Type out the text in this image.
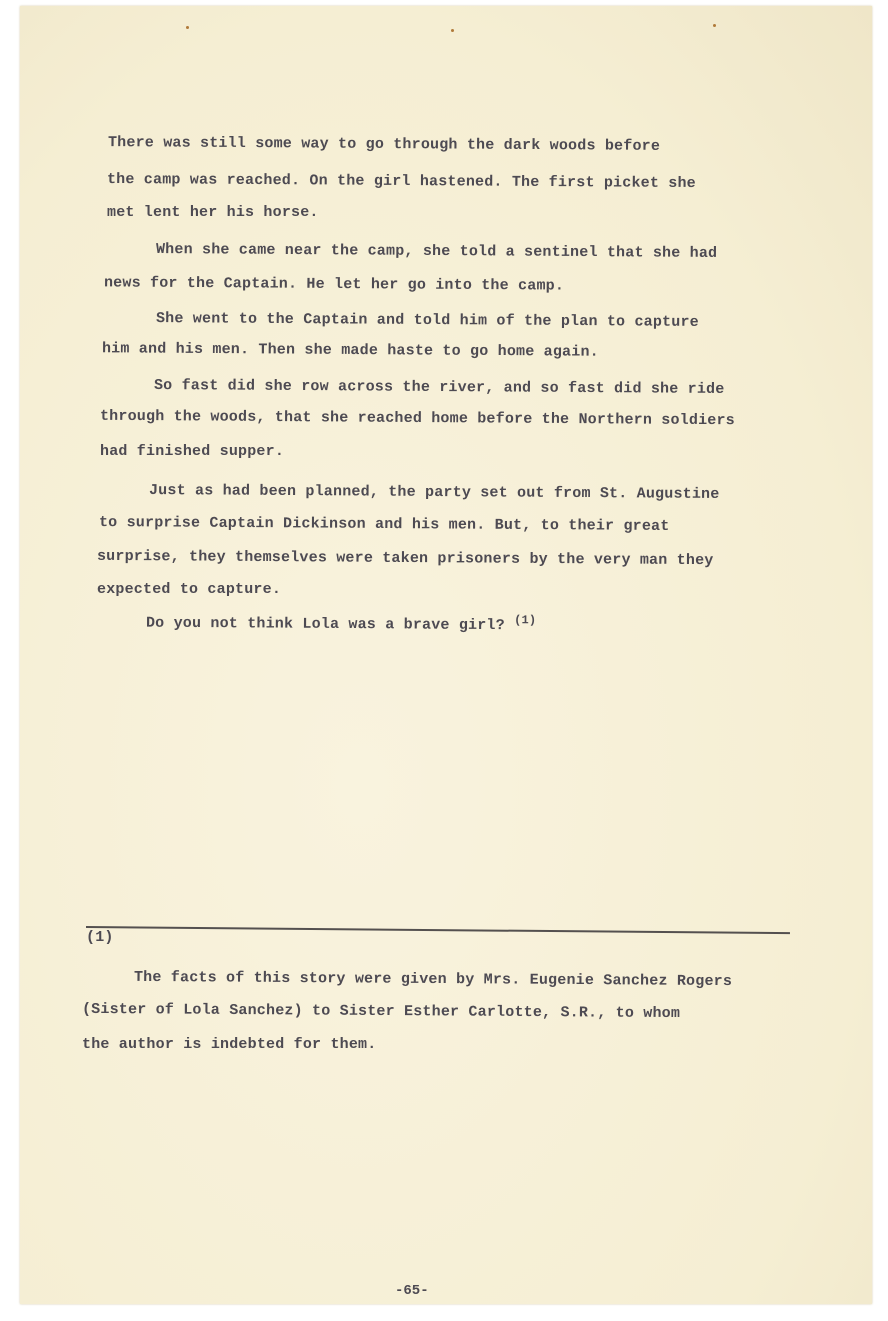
There was still some way to go through the dark woods before
the camp was reached. On the girl hastened. The first picket she
met lent her his horse.
When she came near the camp, she told a sentinel that she had
news for the Captain. He let her go into the camp.
She went to the Captain and told him of the plan to capture
him and his men. Then she made haste to go home again.
So fast did she row across the river, and so fast did she ride
through the woods, that she reached home before the Northern soldiers
had finished supper.
Just as had been planned, the party set out from St. Augustine
to surprise Captain Dickinson and his men. But, to their great
surprise, they themselves were taken prisoners by the very man they
expected to capture.
Do you not think Lola was a brave girl? $^{(1)}$
(1)
The facts of this story were given by Mrs. Eugenie Sanchez Rogers
(Sister of Lola Sanchez) to Sister Esther Carlotte, S.R., to whom
the author is indebted for them.
-65-
